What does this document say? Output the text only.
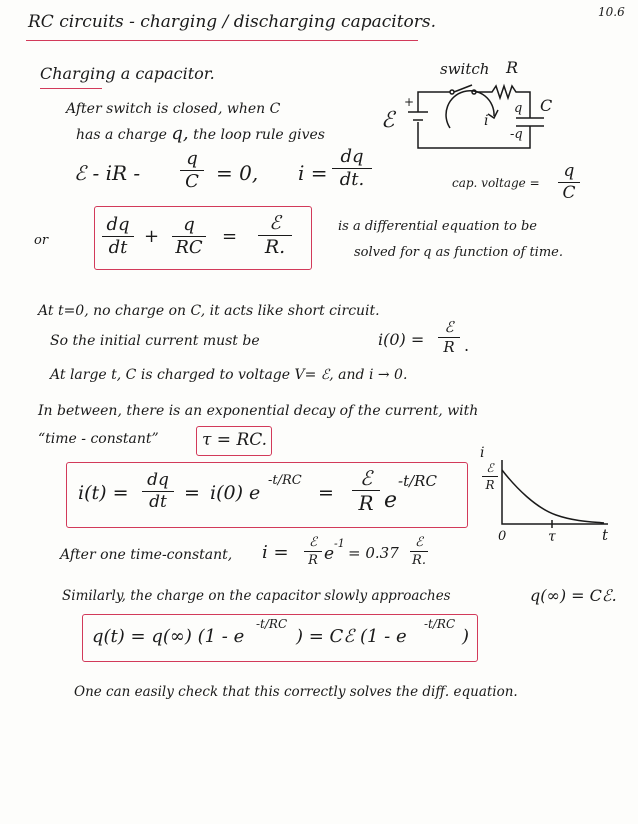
10.6
RC circuits - charging / discharging capacitors.
Charging a capacitor.
After switch is closed, when C
has a charge q, the loop rule gives
ℰ - iR -
q
C = 0, i =
dq
dt.
switch R
+
ℰ	i
q
-q
C
cap. voltage =
q
C
or
dq
dt
+
q
RC
=
ℰ
R.
is a differential equation to be
solved for q as function of time.
At t=0, no charge on C, it acts like short circuit.
So the initial current must be	i(0) =
ℰ
R .
At large t, C is charged to voltage V= ℰ, and i → 0.
In between, there is an exponential decay of the current, with
“time - constant”	τ = RC.
i(t) =
dq
dt = i(0) e
-t/RC
=
ℰ
R e
-t/RC
i
ℰ
R
0	τ	t
After one time-constant, i =	ℰ
R e
-1
= 0.37
ℰ
R.
Similarly, the charge on the capacitor slowly approaches	q(∞) = Cℰ.
q(t) = q(∞) (1 - e
-t/RC
) = Cℰ (1 - e
-t/RC
)
One can easily check that this correctly solves the diff. equation.
